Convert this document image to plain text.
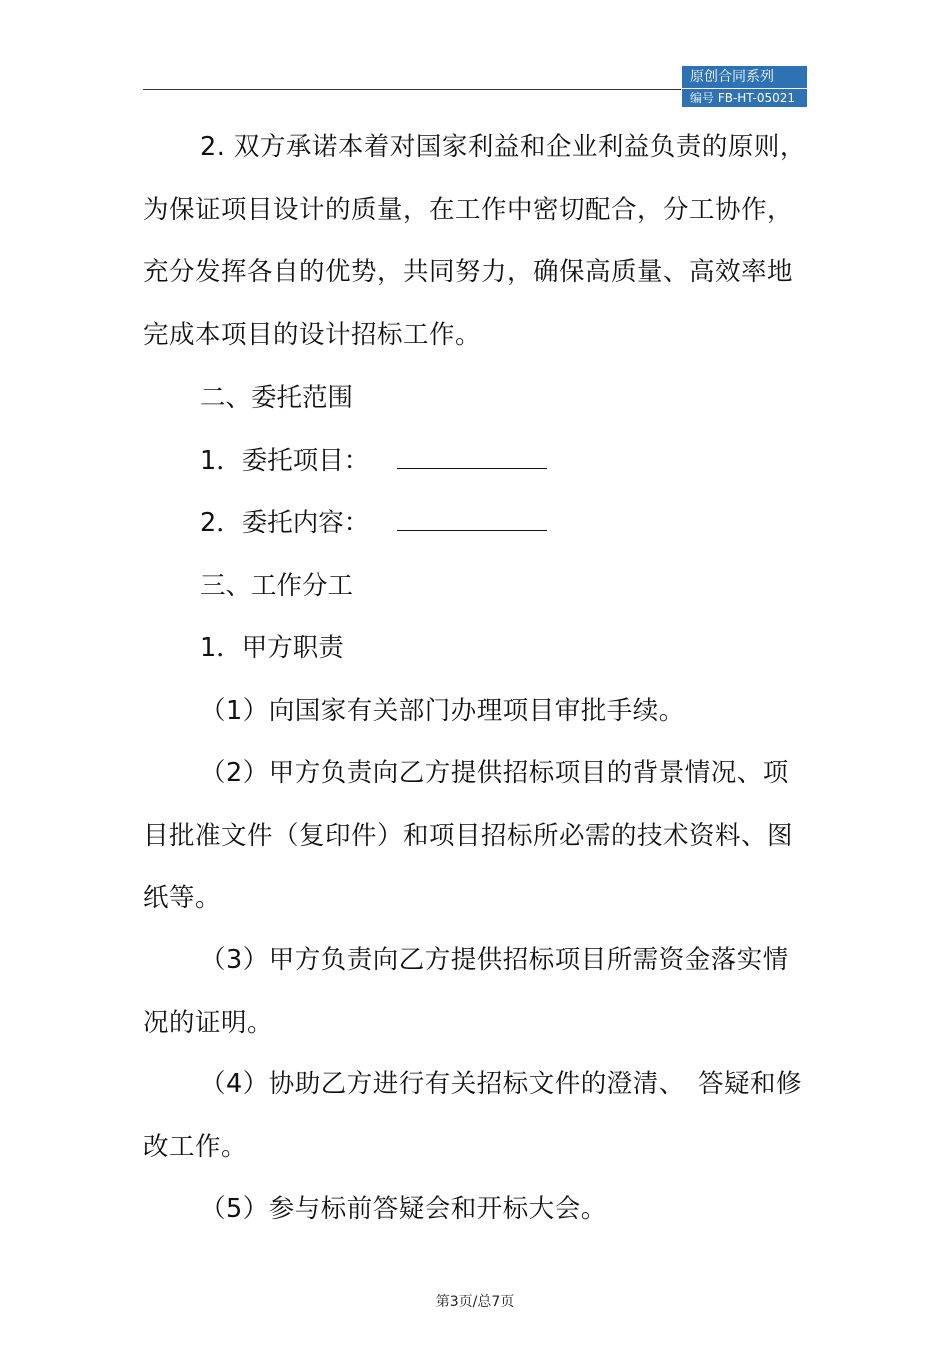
原创合同系列
编号 FB-HT-05021

2. 双方承诺本着对国家利益和企业利益负责的原则，为保证项目设计的质量，在工作中密切配合，分工协作，充分发挥各自的优势，共同努力，确保高质量、高效率地完成本项目的设计招标工作。

二、委托范围
1．委托项目：
2．委托内容：
三、工作分工
1．甲方职责

（1）向国家有关部门办理项目审批手续。

（2）甲方负责向乙方提供招标项目的背景情况、项目批准文件（复印件）和项目招标所必需的技术资料、图纸等。

（3）甲方负责向乙方提供招标项目所需资金落实情况的证明。

（4）协助乙方进行有关招标文件的澄清、　答疑和修改工作。

（5）参与标前答疑会和开标大会。

第3页/总7页
